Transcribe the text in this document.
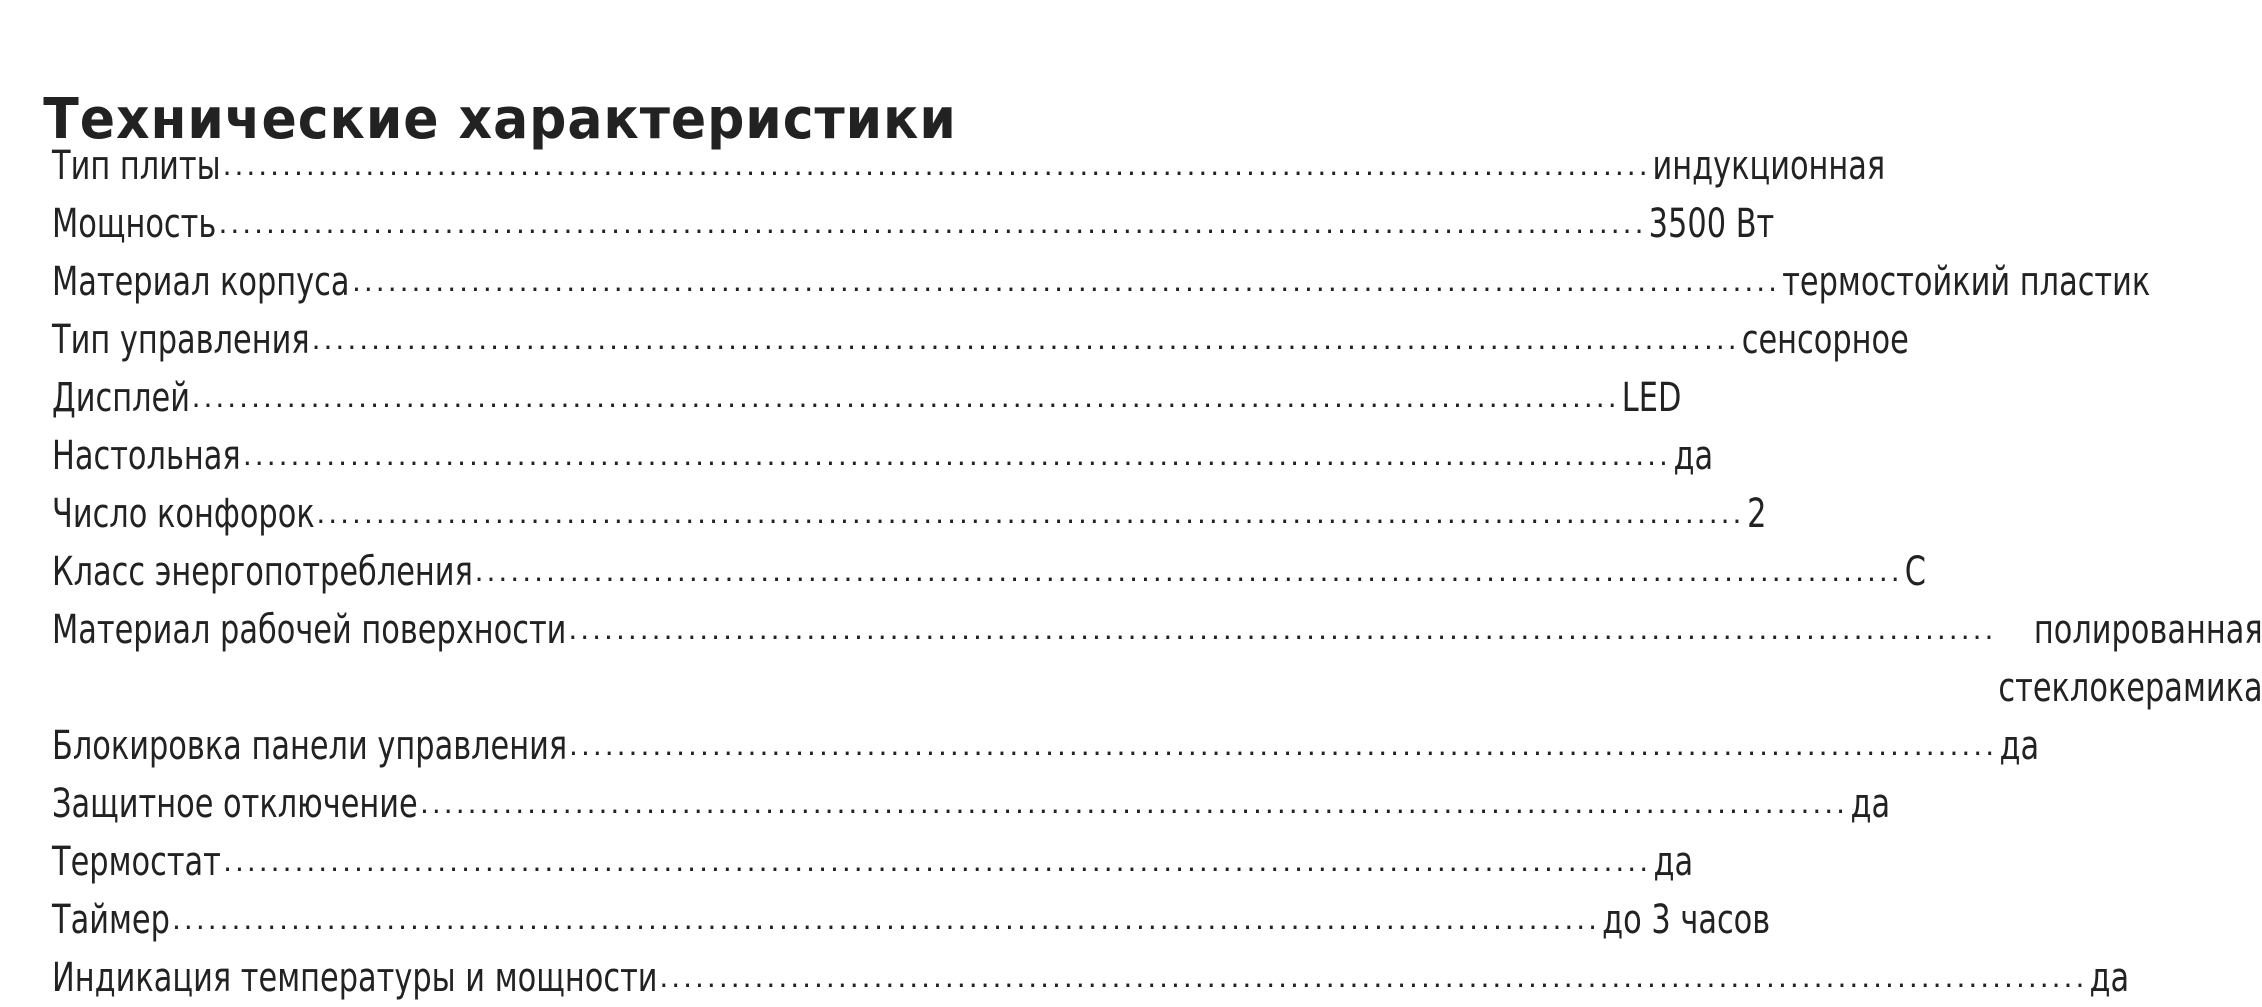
Технические характеристики
Тип плиты ........................................................................................................................ индукционная
Мощность ........................................................................................................................ 3500 Вт
Материал корпуса ........................................................................................................................ термостойкий пластик
Тип управления ........................................................................................................................ сенсорное
Дисплей ........................................................................................................................ LED
Настольная ........................................................................................................................ да
Число конфорок ........................................................................................................................ 2
Класс энергопотребления ........................................................................................................................ C
Материал рабочей поверхности ........................................................................................................................ полированная
стеклокерамика
Блокировка панели управления ........................................................................................................................ да
Защитное отключение ........................................................................................................................ да
Термостат ........................................................................................................................ да
Таймер ........................................................................................................................ до 3 часов
Индикация температуры и мощности ........................................................................................................................ да
